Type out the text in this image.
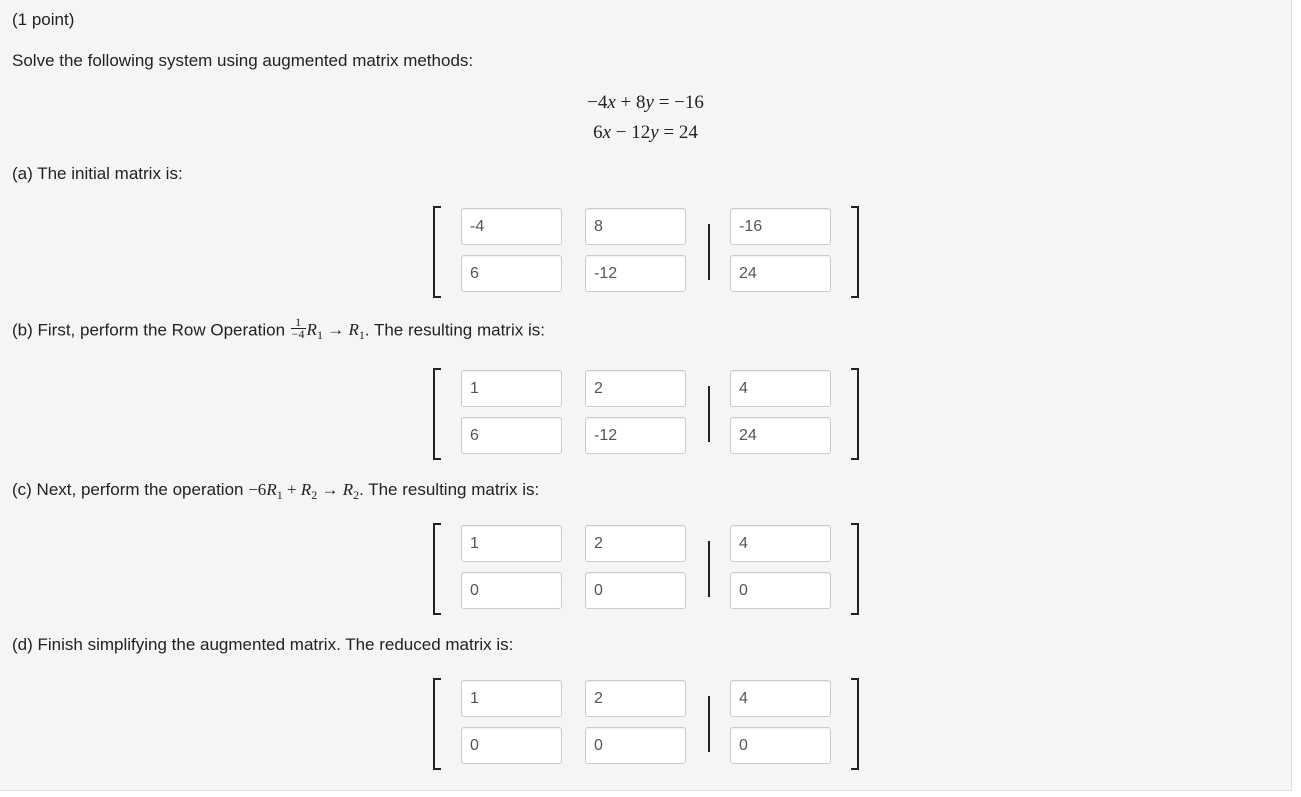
(1 point)
Solve the following system using augmented matrix methods:
−4x + 8y = −16
6x − 12y = 24
(a) The initial matrix is:
-4
8
-16
6
-12
24
(b) First, perform the Row Operation $\frac{1}{-4} R_1 \to R_1$. The resulting matrix is:
1
2
4
6
-12
24
(c) Next, perform the operation $-6R_1 + R_2 \to R_2$. The resulting matrix is:
1
2
4
0
0
0
(d) Finish simplifying the augmented matrix. The reduced matrix is:
1
2
4
0
0
0
